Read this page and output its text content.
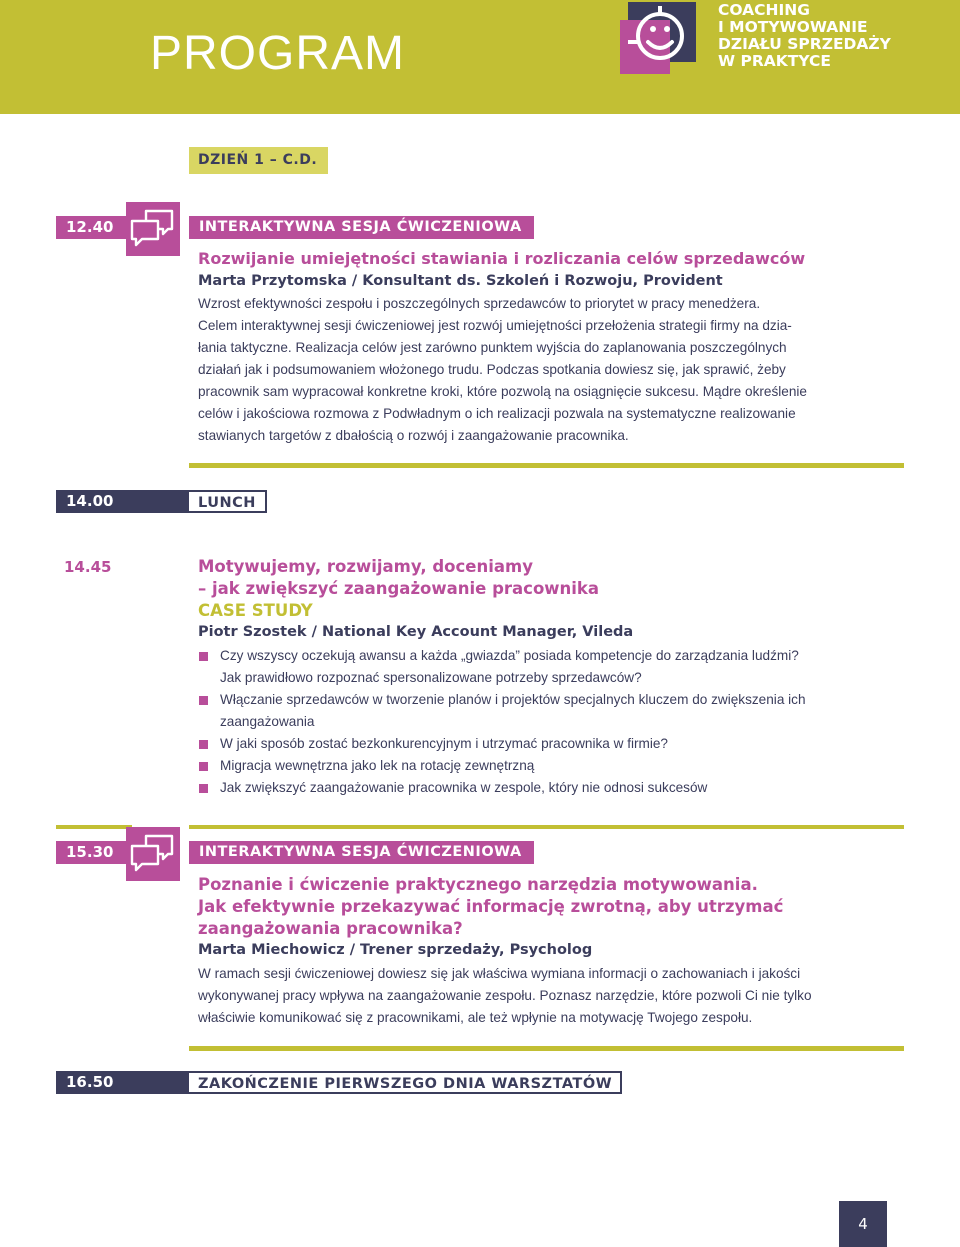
PROGRAM
COACHING
I MOTYWOWANIE
DZIAŁU SPRZEDAŻY
W PRAKTYCE
DZIEŃ 1 – C.D.
12.40	INTERAKTYWNA SESJA ĆWICZENIOWA
Rozwijanie umiejętności stawiania i rozliczania celów sprzedawców
Marta Przytomska / Konsultant ds. Szkoleń i Rozwoju, Provident
Wzrost efektywności zespołu i poszczególnych sprzedawców to priorytet w pracy menedżera.
Celem interaktywnej sesji ćwiczeniowej jest rozwój umiejętności przełożenia strategii firmy na dzia-
łania taktyczne. Realizacja celów jest zarówno punktem wyjścia do zaplanowania poszczególnych
działań jak i podsumowaniem włożonego trudu. Podczas spotkania dowiesz się, jak sprawić, żeby
pracownik sam wypracował konkretne kroki, które pozwolą na osiągnięcie sukcesu. Mądre określenie
celów i jakościowa rozmowa z Podwładnym o ich realizacji pozwala na systematyczne realizowanie
stawianych targetów z dbałością o rozwój i zaangażowanie pracownika.
14.00	LUNCH
14.45	Motywujemy, rozwijamy, doceniamy
– jak zwiększyć zaangażowanie pracownika
CASE STUDY
Piotr Szostek / National Key Account Manager, Vileda
Czy wszyscy oczekują awansu a każda „gwiazda” posiada kompetencje do zarządzania ludźmi?
Jak prawidłowo rozpoznać spersonalizowane potrzeby sprzedawców?
Włączanie sprzedawców w tworzenie planów i projektów specjalnych kluczem do zwiększenia ich
zaangażowania
W jaki sposób zostać bezkonkurencyjnym i utrzymać pracownika w firmie?
Migracja wewnętrzna jako lek na rotację zewnętrzną
Jak zwiększyć zaangażowanie pracownika w zespole, który nie odnosi sukcesów
15.30	INTERAKTYWNA SESJA ĆWICZENIOWA
Poznanie i ćwiczenie praktycznego narzędzia motywowania.
Jak efektywnie przekazywać informację zwrotną, aby utrzymać
zaangażowania pracownika?
Marta Miechowicz / Trener sprzedaży, Psycholog
W ramach sesji ćwiczeniowej dowiesz się jak właściwa wymiana informacji o zachowaniach i jakości
wykonywanej pracy wpływa na zaangażowanie zespołu. Poznasz narzędzie, które pozwoli Ci nie tylko
właściwie komunikować się z pracownikami, ale też wpłynie na motywację Twojego zespołu.
16.50	ZAKOŃCZENIE PIERWSZEGO DNIA WARSZTATÓW
4
